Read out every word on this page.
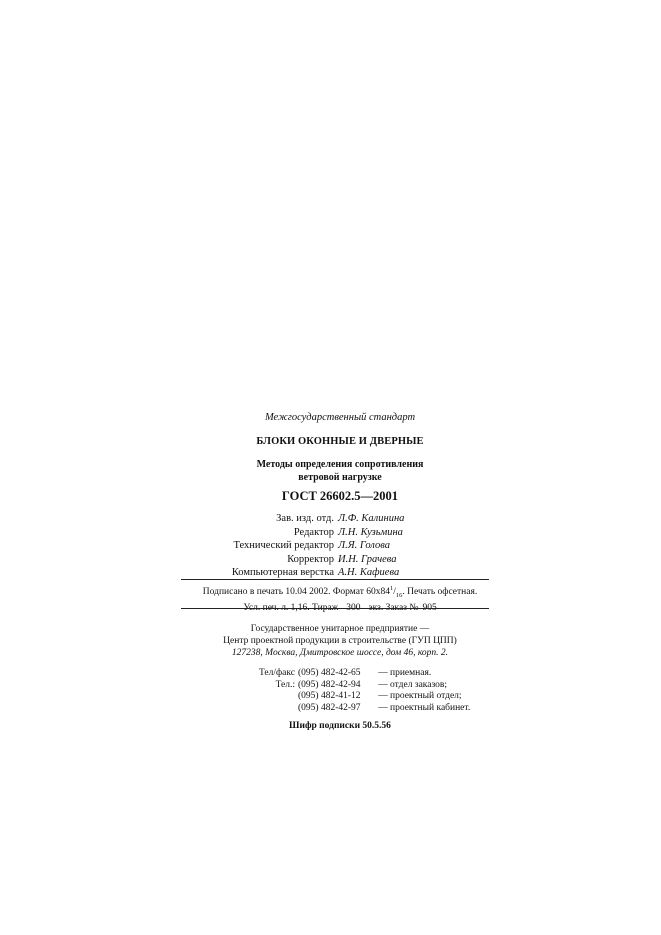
Межгосударственный стандарт
БЛОКИ ОКОННЫЕ И ДВЕРНЫЕ
Методы определения сопротивления
ветровой нагрузке
ГОСТ 26602.5—2001
Зав. изд. отд. Л.Ф. Калинина
Редактор Л.Н. Кузьмина
Технический редактор Л.Я. Голова
Корректор И.Н. Грачева
Компьютерная верстка А.Н. Кафиева
Подписано в печать 10.04 2002. Формат $60х84^1/_{16}$. Печать офсетная.
Усл. печ. л. 1,16. Тираж 300 экз. Заказ № 905
Государственное унитарное предприятие —
Центр проектной продукции в строительстве (ГУП ЦПП)
127238, Москва, Дмитровское шоссе, дом 46, корп. 2.
Тел/факс (095) 482-42-65	— приемная.
Тел.: (095) 482-42-94	— отдел заказов;
(095) 482-41-12	— проектный отдел;
(095) 482-42-97	— проектный кабинет.
Шифр подписки 50.5.56
